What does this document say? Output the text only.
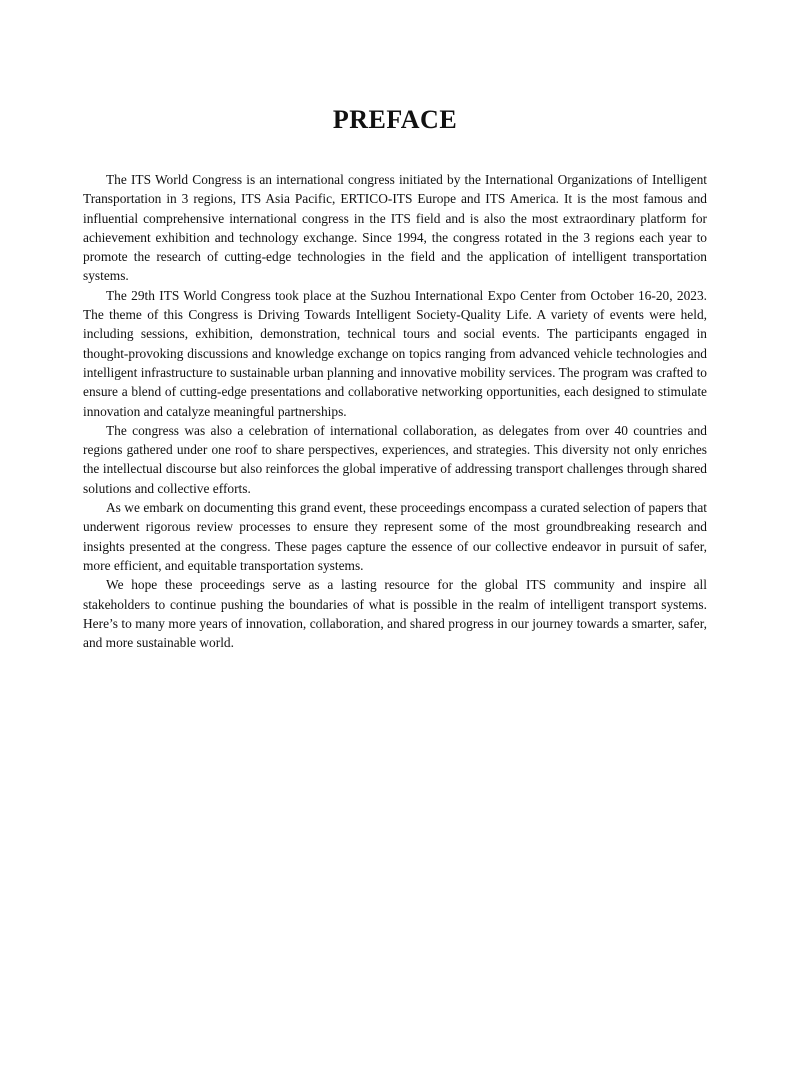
PREFACE

The ITS World Congress is an international congress initiated by the International Organizations of Intelligent Transportation in 3 regions, ITS Asia Pacific, ERTICO-ITS Europe and ITS America. It is the most famous and influential comprehensive international congress in the ITS field and is also the most extraordinary platform for achievement exhibition and technology exchange. Since 1994, the congress rotated in the 3 regions each year to promote the research of cutting-edge technologies in the field and the application of intelligent transportation systems.

The 29th ITS World Congress took place at the Suzhou International Expo Center from October 16-20, 2023. The theme of this Congress is Driving Towards Intelligent Society-Quality Life. A variety of events were held, including sessions, exhibition, demonstration, technical tours and social events. The participants engaged in thought-provoking discussions and knowledge exchange on topics ranging from advanced vehicle technologies and intelligent infrastructure to sustainable urban planning and innovative mobility services. The program was crafted to ensure a blend of cutting-edge presentations and collaborative networking opportunities, each designed to stimulate innovation and catalyze meaningful partnerships.

The congress was also a celebration of international collaboration, as delegates from over 40 countries and regions gathered under one roof to share perspectives, experiences, and strategies. This diversity not only enriches the intellectual discourse but also reinforces the global imperative of addressing transport challenges through shared solutions and collective efforts.

As we embark on documenting this grand event, these proceedings encompass a curated selection of papers that underwent rigorous review processes to ensure they represent some of the most groundbreaking research and insights presented at the congress. These pages capture the essence of our collective endeavor in pursuit of safer, more efficient, and equitable transportation systems.

We hope these proceedings serve as a lasting resource for the global ITS community and inspire all stakeholders to continue pushing the boundaries of what is possible in the realm of intelligent transport systems. Here’s to many more years of innovation, collaboration, and shared progress in our journey towards a smarter, safer, and more sustainable world.
